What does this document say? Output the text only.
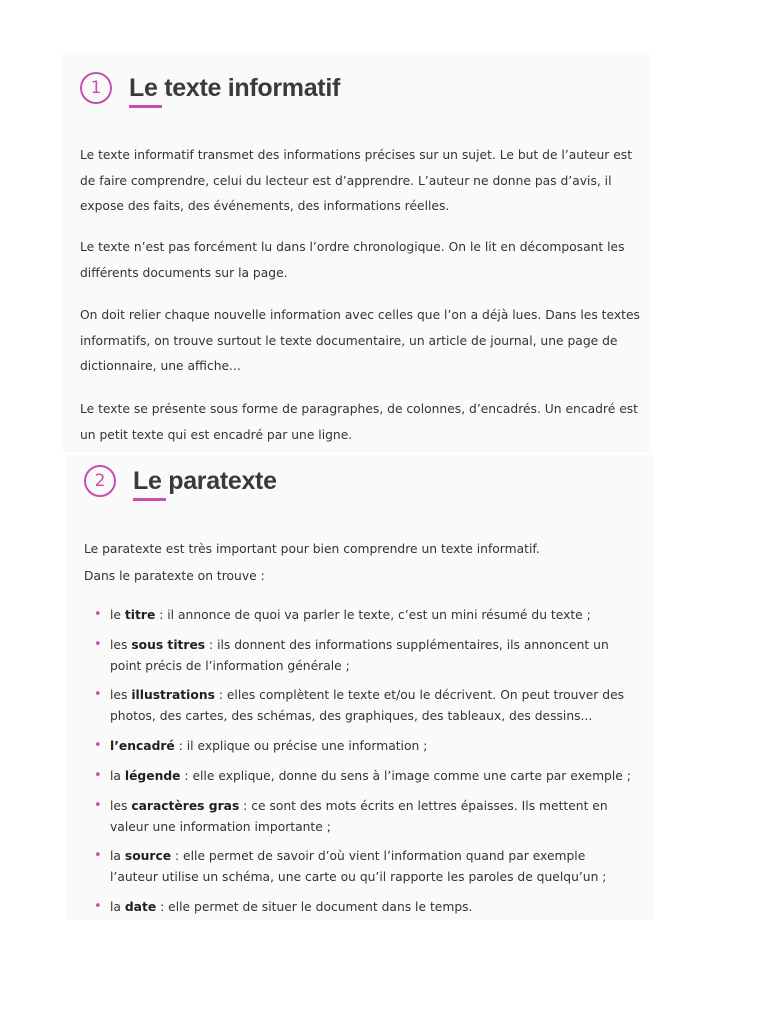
1 Le texte informatif

Le texte informatif transmet des informations précises sur un sujet. Le but de l’auteur est de faire comprendre, celui du lecteur est d’apprendre. L’auteur ne donne pas d’avis, il expose des faits, des événements, des informations réelles.

Le texte n’est pas forcément lu dans l’ordre chronologique. On le lit en décomposant les différents documents sur la page.

On doit relier chaque nouvelle information avec celles que l’on a déjà lues. Dans les textes informatifs, on trouve surtout le texte documentaire, un article de journal, une page de dictionnaire, une affiche...

Le texte se présente sous forme de paragraphes, de colonnes, d’encadrés. Un encadré est un petit texte qui est encadré par une ligne.

2 Le paratexte

Le paratexte est très important pour bien comprendre un texte informatif.

Dans le paratexte on trouve :

• le titre : il annonce de quoi va parler le texte, c’est un mini résumé du texte ;
• les sous titres : ils donnent des informations supplémentaires, ils annoncent un point précis de l’information générale ;
• les illustrations : elles complètent le texte et/ou le décrivent. On peut trouver des photos, des cartes, des schémas, des graphiques, des tableaux, des dessins...
• l’encadré : il explique ou précise une information ;
• la légende : elle explique, donne du sens à l’image comme une carte par exemple ;
• les caractères gras : ce sont des mots écrits en lettres épaisses. Ils mettent en valeur une information importante ;
• la source : elle permet de savoir d’où vient l’information quand par exemple l’auteur utilise un schéma, une carte ou qu’il rapporte les paroles de quelqu’un ;
• la date : elle permet de situer le document dans le temps.
